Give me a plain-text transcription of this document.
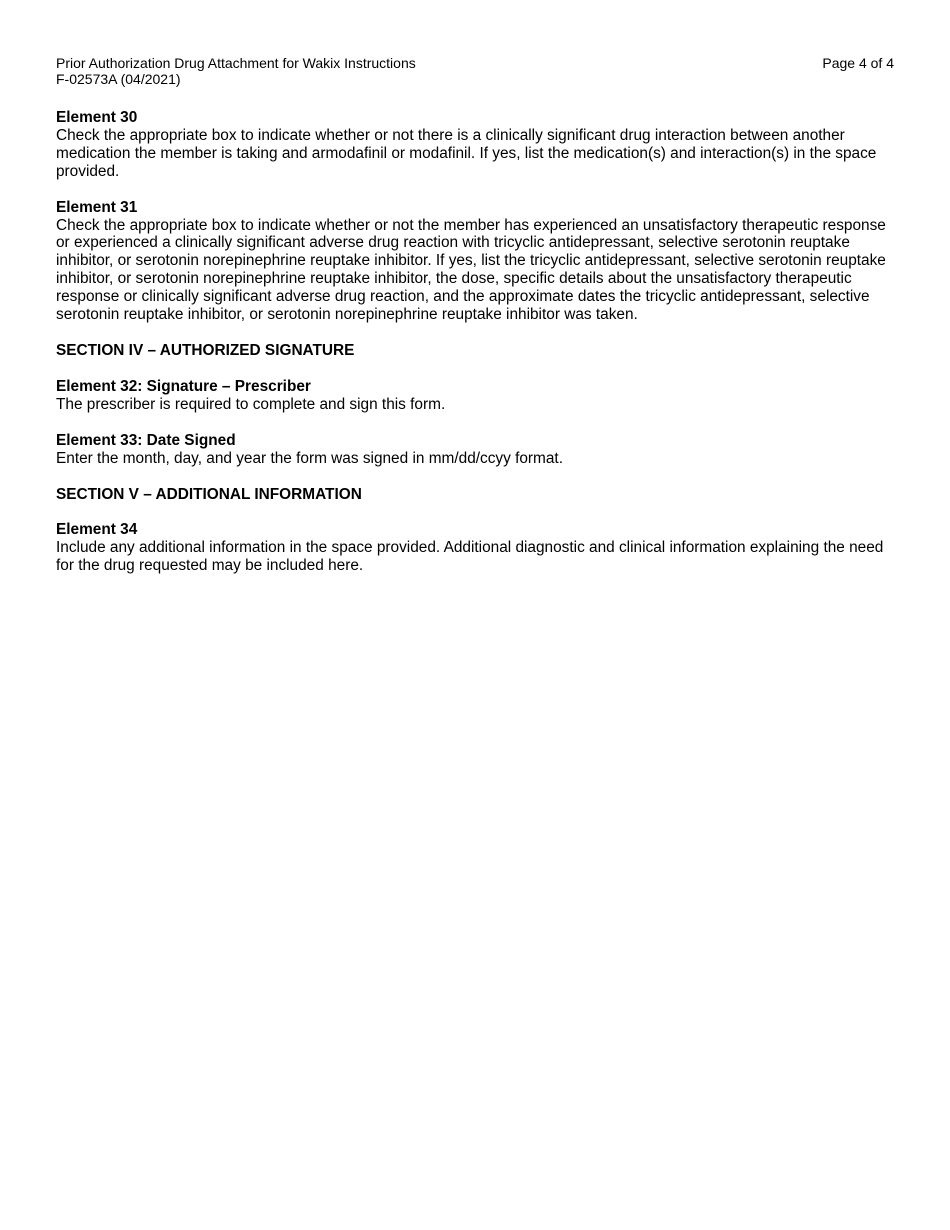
Prior Authorization Drug Attachment for Wakix Instructions
F-02573A (04/2021)
Page 4 of 4
Element 30
Check the appropriate box to indicate whether or not there is a clinically significant drug interaction between another medication the member is taking and armodafinil or modafinil. If yes, list the medication(s) and interaction(s) in the space provided.
Element 31
Check the appropriate box to indicate whether or not the member has experienced an unsatisfactory therapeutic response or experienced a clinically significant adverse drug reaction with tricyclic antidepressant, selective serotonin reuptake inhibitor, or serotonin norepinephrine reuptake inhibitor. If yes, list the tricyclic antidepressant, selective serotonin reuptake inhibitor, or serotonin norepinephrine reuptake inhibitor, the dose, specific details about the unsatisfactory therapeutic response or clinically significant adverse drug reaction, and the approximate dates the tricyclic antidepressant, selective serotonin reuptake inhibitor, or serotonin norepinephrine reuptake inhibitor was taken.
SECTION IV – AUTHORIZED SIGNATURE
Element 32: Signature – Prescriber
The prescriber is required to complete and sign this form.
Element 33: Date Signed
Enter the month, day, and year the form was signed in mm/dd/ccyy format.
SECTION V – ADDITIONAL INFORMATION
Element 34
Include any additional information in the space provided. Additional diagnostic and clinical information explaining the need for the drug requested may be included here.
